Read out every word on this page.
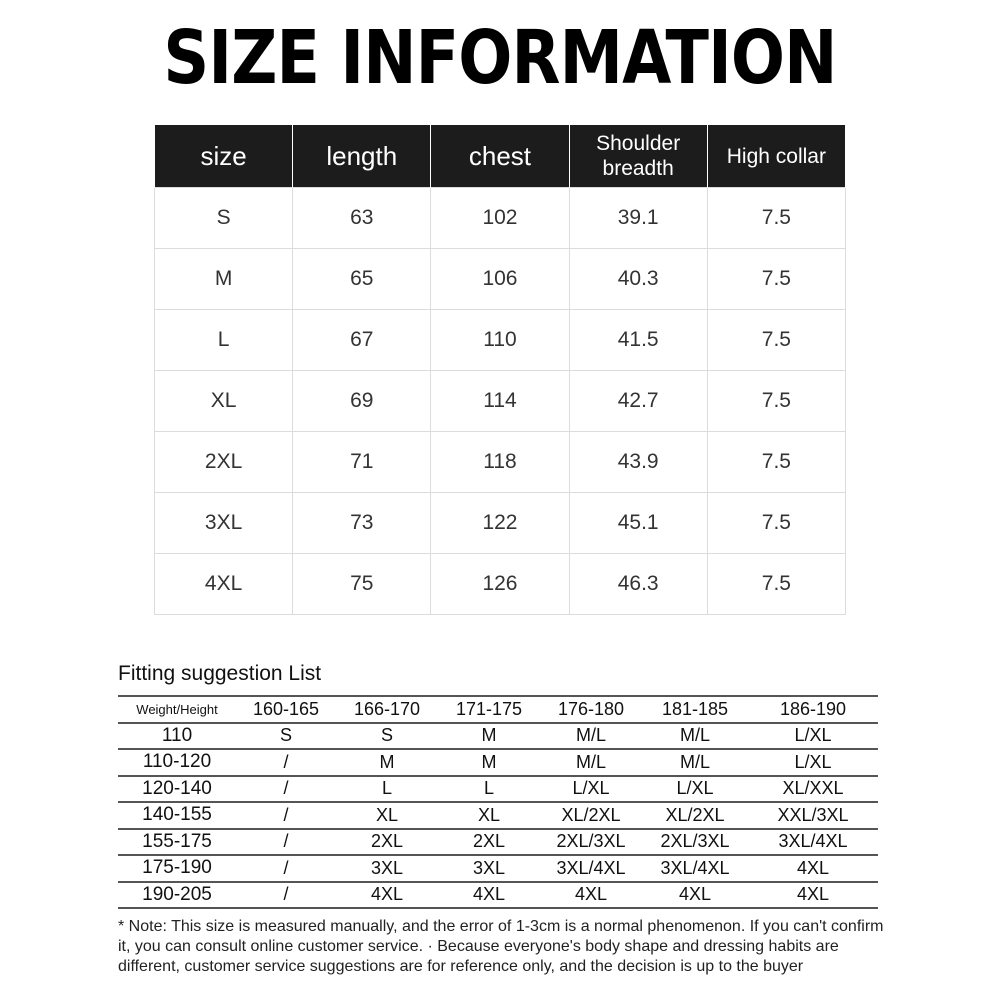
SIZE INFORMATION
size	length	chest	Shoulder breadth	High collar
S	63	102	39.1	7.5
M	65	106	40.3	7.5
L	67	110	41.5	7.5
XL	69	114	42.7	7.5
2XL	71	118	43.9	7.5
3XL	73	122	45.1	7.5
4XL	75	126	46.3	7.5
Fitting suggestion List
Weight/Height	160-165	166-170	171-175	176-180	181-185	186-190
110	S	S	M	M/L	M/L	L/XL
110-120	/	M	M	M/L	M/L	L/XL
120-140	/	L	L	L/XL	L/XL	XL/XXL
140-155	/	XL	XL	XL/2XL	XL/2XL	XXL/3XL
155-175	/	2XL	2XL	2XL/3XL	2XL/3XL	3XL/4XL
175-190	/	3XL	3XL	3XL/4XL	3XL/4XL	4XL
190-205	/	4XL	4XL	4XL	4XL	4XL
* Note: This size is measured manually, and the error of 1-3cm is a normal phenomenon. If you can't confirm it, you can consult online customer service. · Because everyone's body shape and dressing habits are different, customer service suggestions are for reference only, and the decision is up to the buyer
